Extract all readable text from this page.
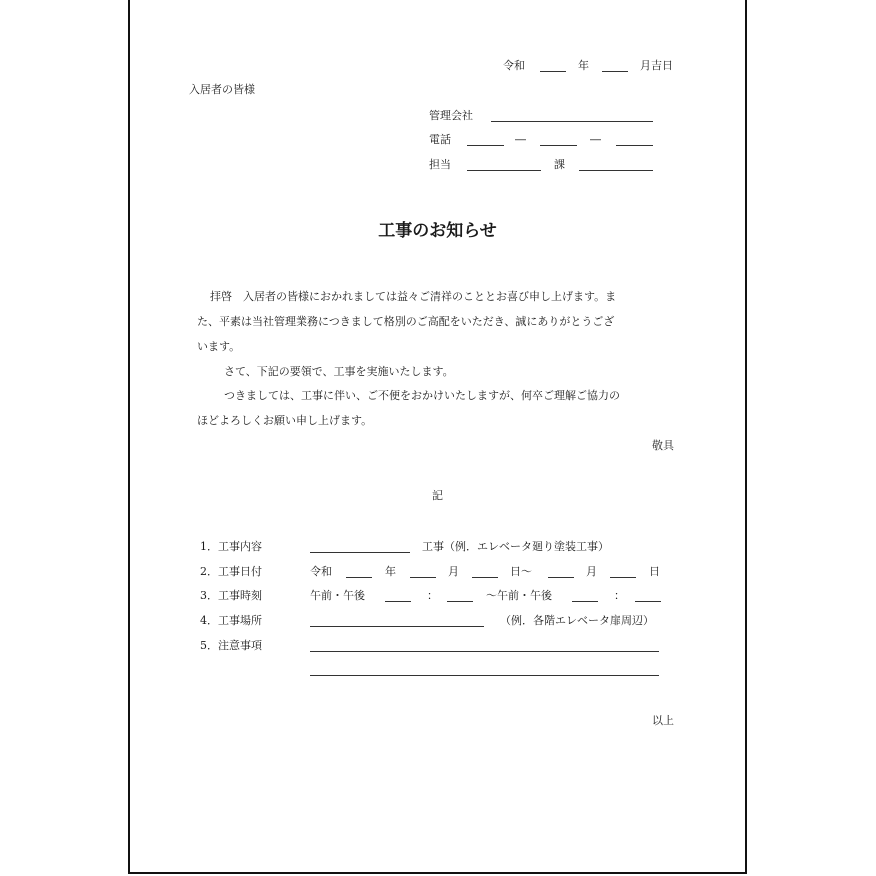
令和	年	月吉日
入居者の皆様
管理会社
電話	―	―
担当	課
工事のお知らせ
拝啓　入居者の皆様におかれましては益々ご清祥のこととお喜び申し上げます。ま
た、平素は当社管理業務につきまして格別のご高配をいただき、誠にありがとうござ
います。
さて、下記の要領で、工事を実施いたします。
つきましては、工事に伴い、ご不便をおかけいたしますが、何卒ご理解ご協力の
ほどよろしくお願い申し上げます。
敬具
記
1．工事内容	工事（例．エレベータ廻り塗装工事）
2．工事日付	令和	年	月	日～	月	日
3．工事時刻	午前・午後	：	～午前・午後	：
4．工事場所	（例．各階エレベータ扉周辺）
5．注意事項
以上
